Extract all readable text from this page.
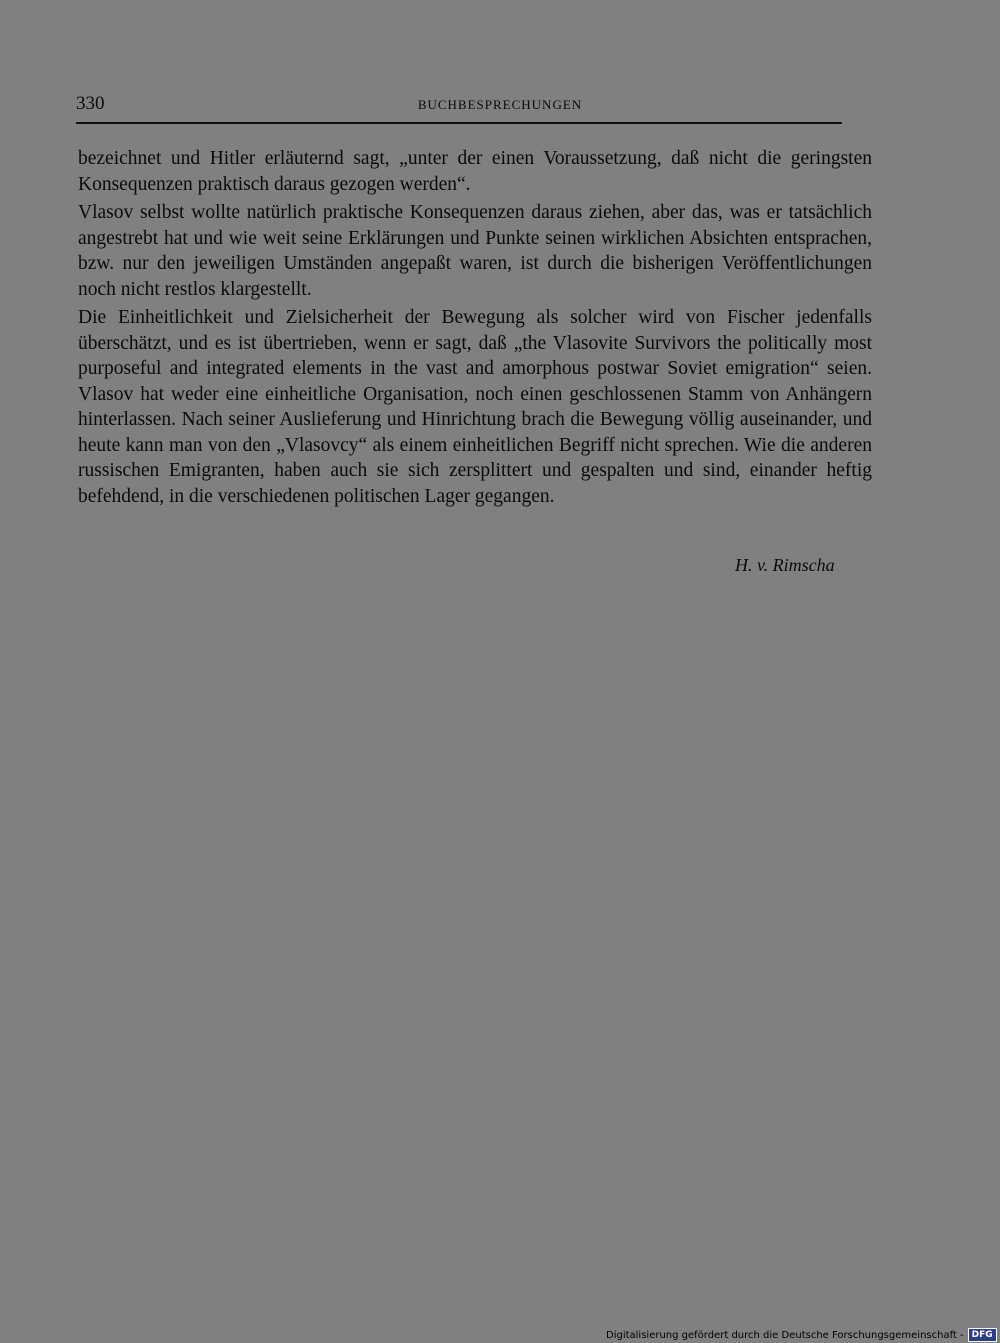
330	BUCHBESPRECHUNGEN

bezeichnet und Hitler erläuternd sagt, „unter der einen Voraussetzung, daß nicht die geringsten Konsequenzen praktisch daraus gezogen werden“.

Vlasov selbst wollte natürlich praktische Konsequenzen daraus ziehen, aber das, was er tatsächlich angestrebt hat und wie weit seine Erklärungen und Punkte seinen wirklichen Absichten entsprachen, bzw. nur den jeweiligen Umständen angepaßt waren, ist durch die bisherigen Veröffentlichungen noch nicht restlos klargestellt.

Die Einheitlichkeit und Zielsicherheit der Bewegung als solcher wird von Fischer jedenfalls überschätzt, und es ist übertrieben, wenn er sagt, daß „the Vlasovite Survivors the politically most purposeful and integrated elements in the vast and amorphous postwar Soviet emigration“ seien. Vlasov hat weder eine einheitliche Organisation, noch einen geschlossenen Stamm von Anhängern hinterlassen. Nach seiner Auslieferung und Hinrichtung brach die Bewegung völlig auseinander, und heute kann man von den „Vlasovcy“ als einem einheitlichen Begriff nicht sprechen. Wie die anderen russischen Emigranten, haben auch sie sich zersplittert und gespalten und sind, einander heftig befehdend, in die verschiedenen politischen Lager gegangen.

H. v. Rimscha
Digitalisierung gefördert durch die Deutsche Forschungsgemeinschaft - DFG
